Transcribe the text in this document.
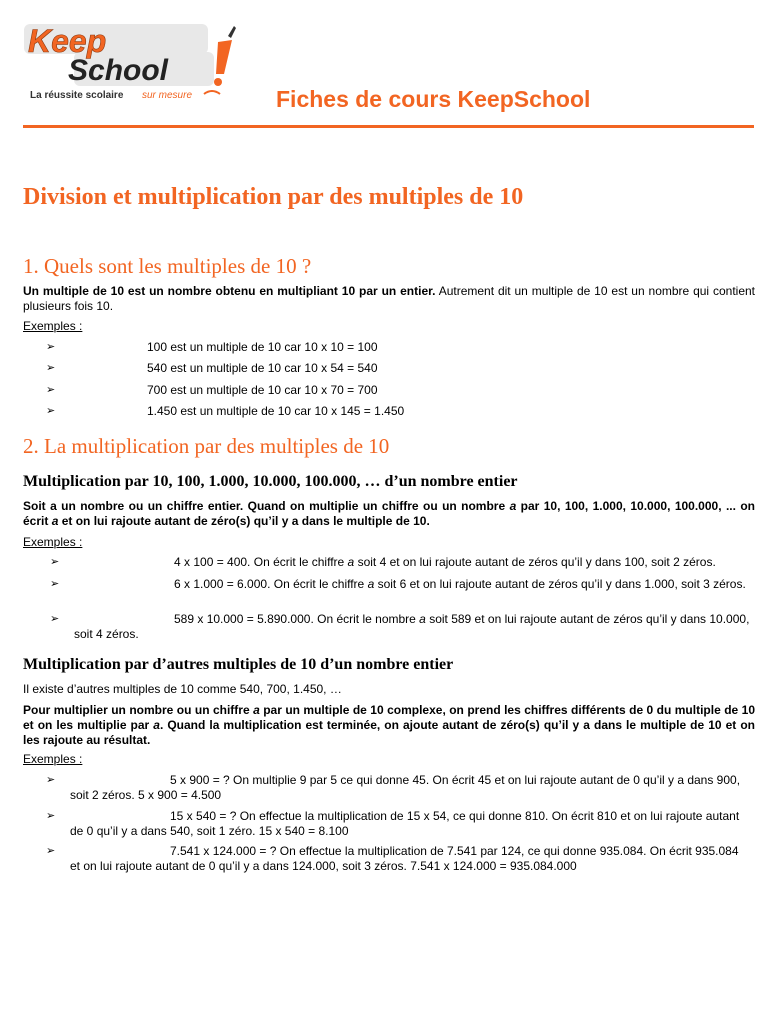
Keep
School
La réussite scolaire sur mesure	Fiches de cours KeepSchool
Division et multiplication par des multiples de 10
1. Quels sont les multiples de 10 ?
Un multiple de 10 est un nombre obtenu en multipliant 10 par un entier. Autrement dit un multiple de 10 est un nombre qui contient plusieurs fois 10.
Exemples :
➢	100 est un multiple de 10 car 10 x 10 = 100
➢	540 est un multiple de 10 car 10 x 54 = 540
➢	700 est un multiple de 10 car 10 x 70 = 700
➢	1.450 est un multiple de 10 car 10 x 145 = 1.450
2. La multiplication par des multiples de 10
Multiplication par 10, 100, 1.000, 10.000, 100.000, … d’un nombre entier
Soit a un nombre ou un chiffre entier. Quand on multiplie un chiffre ou un nombre a par 10, 100, 1.000, 10.000, 100.000, ... on écrit a et on lui rajoute autant de zéro(s) qu’il y a dans le multiple de 10.
Exemples :
➢	4 x 100 = 400. On écrit le chiffre a soit 4 et on lui rajoute autant de zéros qu’il y dans 100, soit 2 zéros.
➢	6 x 1.000 = 6.000. On écrit le chiffre a soit 6 et on lui rajoute autant de zéros qu’il y dans 1.000, soit 3 zéros.
➢	589 x 10.000 = 5.890.000. On écrit le nombre a soit 589 et on lui rajoute autant de zéros qu’il y dans 10.000, soit 4 zéros.
Multiplication par d’autres multiples de 10 d’un nombre entier
Il existe d’autres multiples de 10 comme 540, 700, 1.450, …
Pour multiplier un nombre ou un chiffre a par un multiple de 10 complexe, on prend les chiffres différents de 0 du multiple de 10 et on les multiplie par a. Quand la multiplication est terminée, on ajoute autant de zéro(s) qu’il y a dans le multiple de 10 et on les rajoute au résultat.
Exemples :
➢	5 x 900 = ? On multiplie 9 par 5 ce qui donne 45. On écrit 45 et on lui rajoute autant de 0 qu’il y a dans 900, soit 2 zéros. 5 x 900 = 4.500
➢	15 x 540 = ? On effectue la multiplication de 15 x 54, ce qui donne 810. On écrit 810 et on lui rajoute autant de 0 qu’il y a dans 540, soit 1 zéro. 15 x 540 = 8.100
➢	7.541 x 124.000 = ? On effectue la multiplication de 7.541 par 124, ce qui donne 935.084. On écrit 935.084 et on lui rajoute autant de 0 qu’il y a dans 124.000, soit 3 zéros. 7.541 x 124.000 = 935.084.000
